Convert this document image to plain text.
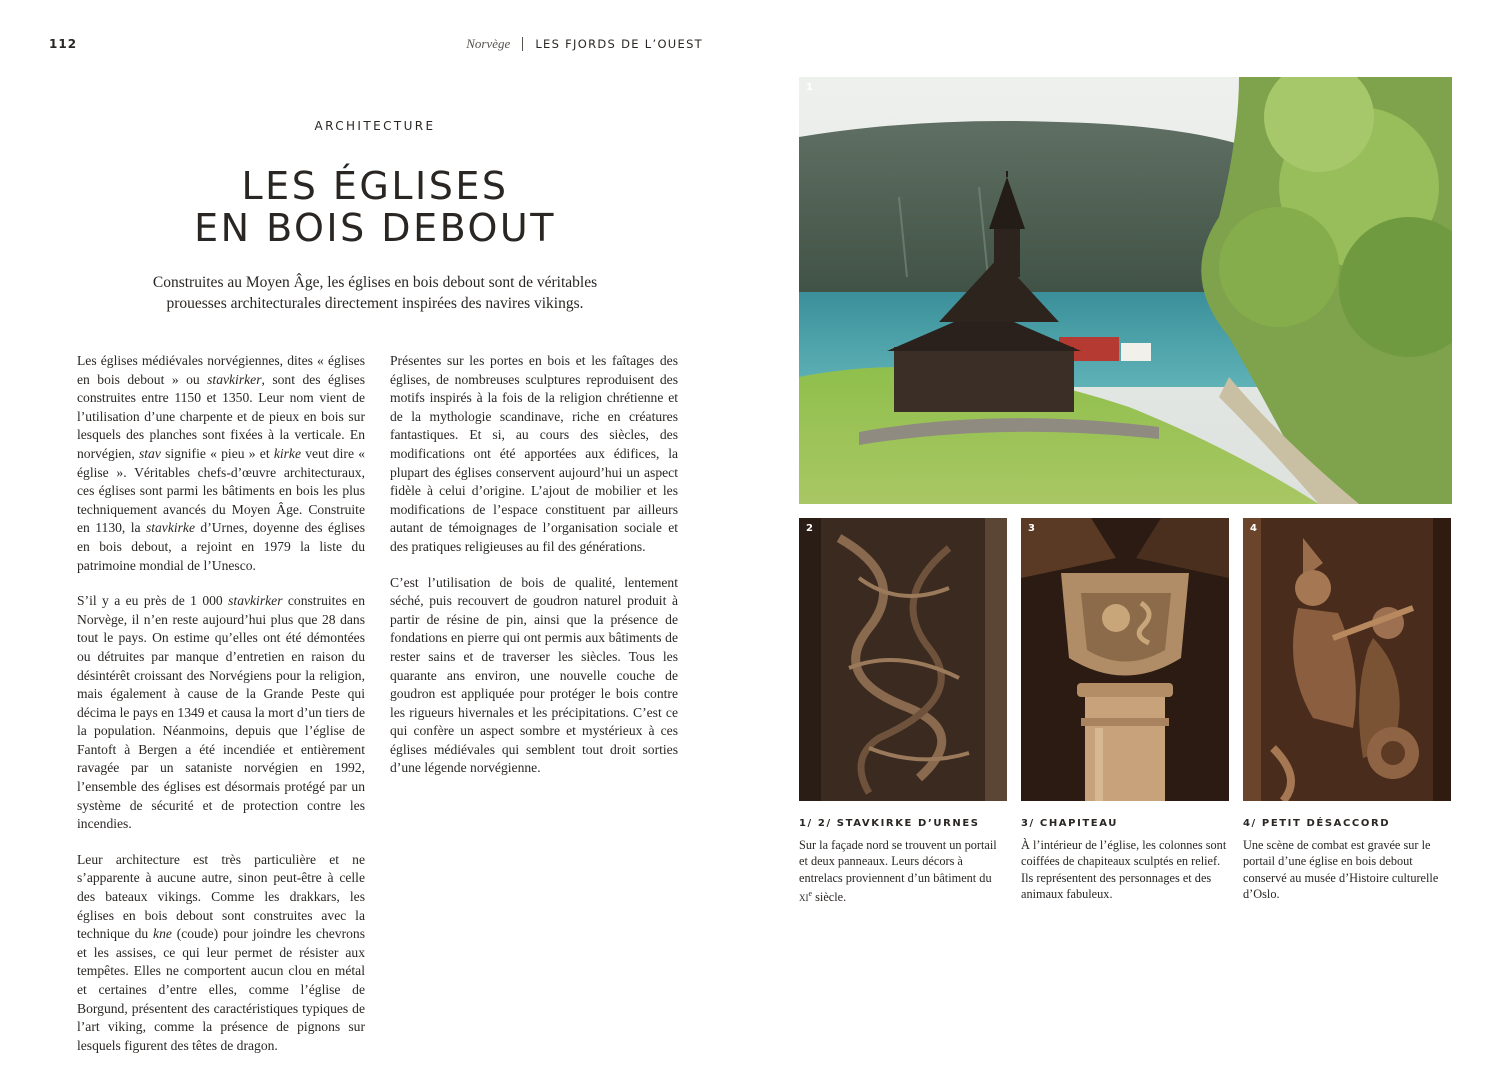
112	Norvège LES FJORDS DE L’OUEST
ARCHITECTURE
LES ÉGLISES
EN BOIS DEBOUT
Construites au Moyen Âge, les églises en bois debout sont de véritables
prouesses architecturales directement inspirées des navires vikings.

Les églises médiévales norvégiennes, dites « églises en bois debout » ou stavkirker, sont des églises construites entre 1150 et 1350. Leur nom vient de l’utilisation d’une charpente et de pieux en bois sur lesquels des planches sont fixées à la verticale. En norvégien, stav signifie « pieu » et kirke veut dire « église ». Véritables chefs-d’œuvre architecturaux, ces églises sont parmi les bâtiments en bois les plus techniquement avancés du Moyen Âge. Construite en 1130, la stavkirke d’Urnes, doyenne des églises en bois debout, a rejoint en 1979 la liste du patrimoine mondial de l’Unesco.

S’il y a eu près de 1 000 stavkirker construites en Norvège, il n’en reste aujourd’hui plus que 28 dans tout le pays. On estime qu’elles ont été démontées ou détruites par manque d’entretien en raison du désintérêt croissant des Norvégiens pour la religion, mais également à cause de la Grande Peste qui décima le pays en 1349 et causa la mort d’un tiers de la population. Néanmoins, depuis que l’église de Fantoft à Bergen a été incendiée et entièrement ravagée par un sataniste norvégien en 1992, l’ensemble des églises est désormais protégé par un système de sécurité et de protection contre les incendies.

Leur architecture est très particulière et ne s’apparente à aucune autre, sinon peut-être à celle des bateaux vikings. Comme les drakkars, les églises en bois debout sont construites avec la technique du kne (coude) pour joindre les chevrons et les assises, ce qui leur permet de résister aux tempêtes. Elles ne comportent aucun clou en métal et certaines d’entre elles, comme l’église de Borgund, présentent des caractéristiques typiques de l’art viking, comme la présence de pignons sur lesquels figurent des têtes de dragon.

Présentes sur les portes en bois et les faîtages des églises, de nombreuses sculptures reproduisent des motifs inspirés à la fois de la religion chrétienne et de la mythologie scandinave, riche en créatures fantastiques. Et si, au cours des siècles, des modifications ont été apportées aux édifices, la plupart des églises conservent aujourd’hui un aspect fidèle à celui d’origine. L’ajout de mobilier et les modifications de l’espace constituent par ailleurs autant de témoignages de l’organisation sociale et des pratiques religieuses au fil des générations.

C’est l’utilisation de bois de qualité, lentement séché, puis recouvert de goudron naturel produit à partir de résine de pin, ainsi que la présence de fondations en pierre qui ont permis aux bâtiments de rester sains et de traverser les siècles. Tous les quarante ans environ, une nouvelle couche de goudron est appliquée pour protéger le bois contre les rigueurs hivernales et les précipitations. C’est ce qui confère un aspect sombre et mystérieux à ces églises médiévales qui semblent tout droit sorties d’une légende norvégienne.

1
2	3	4
1/ 2/ STAVKIRKE D’URNES
Sur la façade nord se trouvent un portail et deux panneaux. Leurs décors à entrelacs proviennent d’un bâtiment du $xi^e$ siècle.
3/ CHAPITEAU
À l’intérieur de l’église, les colonnes sont coiffées de chapiteaux sculptés en relief. Ils représentent des personnages et des animaux fabuleux.
4/ PETIT DÉSACCORD
Une scène de combat est gravée sur le portail d’une église en bois debout conservé au musée d’Histoire culturelle d’Oslo.
